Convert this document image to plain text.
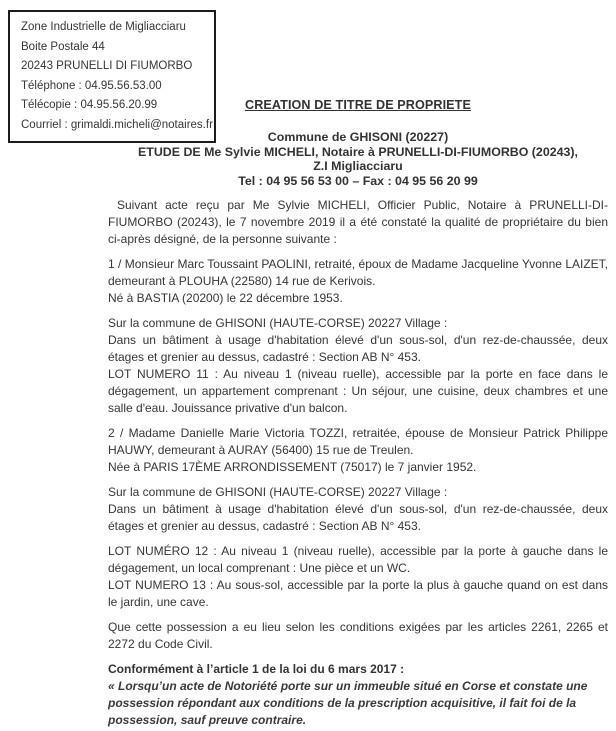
Zone Industrielle de Migliacciaru
Boite Postale 44
20243 PRUNELLI DI FIUMORBO
Téléphone : 04.95.56.53.00
Télécopie : 04.95.56.20.99
Courriel : grimaldi.micheli@notaires.fr
CREATION DE TITRE DE PROPRIETE
Commune de GHISONI (20227)
ETUDE DE Me Sylvie MICHELI, Notaire à PRUNELLI-DI-FIUMORBO (20243),
Z.I Migliacciaru
Tel : 04 95 56 53 00 – Fax : 04 95 56 20 99
Suivant acte reçu par Me Sylvie MICHELI, Officier Public, Notaire à PRUNELLI-DI-FIUMORBO (20243), le 7 novembre 2019 il a été constaté la qualité de propriétaire du bien ci-après désigné, de la personne suivante :
1 / Monsieur Marc Toussaint PAOLINI, retraité, époux de Madame Jacqueline Yvonne LAIZET, demeurant à PLOUHA (22580) 14 rue de Kerivois.
Né à BASTIA (20200) le 22 décembre 1953.
Sur la commune de GHISONI (HAUTE-CORSE) 20227 Village :
Dans un bâtiment à usage d'habitation élevé d'un sous-sol, d'un rez-de-chaussée, deux étages et grenier au dessus, cadastré : Section AB N° 453.
LOT NUMERO 11 : Au niveau 1 (niveau ruelle), accessible par la porte en face dans le dégagement, un appartement comprenant : Un séjour, une cuisine, deux chambres et une salle d'eau. Jouissance privative d'un balcon.
2 / Madame Danielle Marie Victoria TOZZI, retraitée, épouse de Monsieur Patrick Philippe HAUWY, demeurant à AURAY (56400) 15 rue de Treulen.
Née à PARIS 17ÈME ARRONDISSEMENT (75017) le 7 janvier 1952.
Sur la commune de GHISONI (HAUTE-CORSE) 20227 Village :
Dans un bâtiment à usage d'habitation élevé d'un sous-sol, d'un rez-de-chaussée, deux étages et grenier au dessus, cadastré : Section AB N° 453.
LOT NUMÉRO 12 : Au niveau 1 (niveau ruelle), accessible par la porte à gauche dans le dégagement, un local comprenant : Une pièce et un WC.
LOT NUMERO 13 : Au sous-sol, accessible par la porte la plus à gauche quand on est dans le jardin, une cave.
Que cette possession a eu lieu selon les conditions exigées par les articles 2261, 2265 et 2272 du Code Civil.
Conformément à l’article 1 de la loi du 6 mars 2017 :
« Lorsqu’un acte de Notoriété porte sur un immeuble situé en Corse et constate une possession répondant aux conditions de la prescription acquisitive, il fait foi de la possession, sauf preuve contraire.
